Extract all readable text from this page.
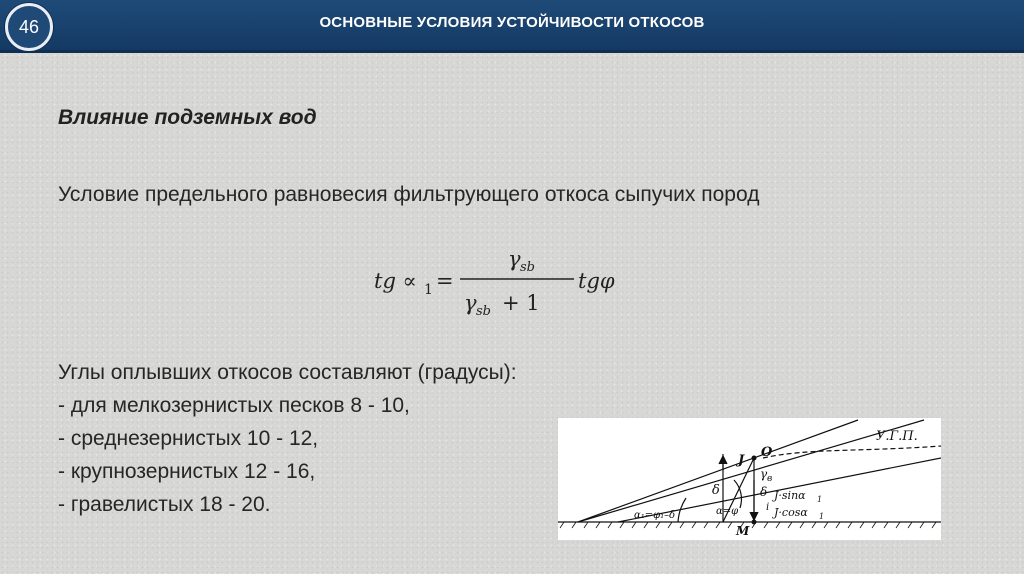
ОСНОВНЫЕ УСЛОВИЯ УСТОЙЧИВОСТИ ОТКОСОВ
46
Влияние подземных вод
Условие предельного равновесия фильтрующего откоса сыпучих пород
tg ∝ 1 =
γ sb
γ sb + 1
tgφ
Углы оплывших откосов составляют (градусы):
- для мелкозернистых песков 8 - 10,
- среднезернистых 10 - 12,
- крупнозернистых 12 - 16,
- гравелистых 18 - 20.
У.Г.П.
O
J
M
δ	δ
γ в
J·sinα 1
J·cosα 1
α₁=φ₁–δ	α=φ	i
